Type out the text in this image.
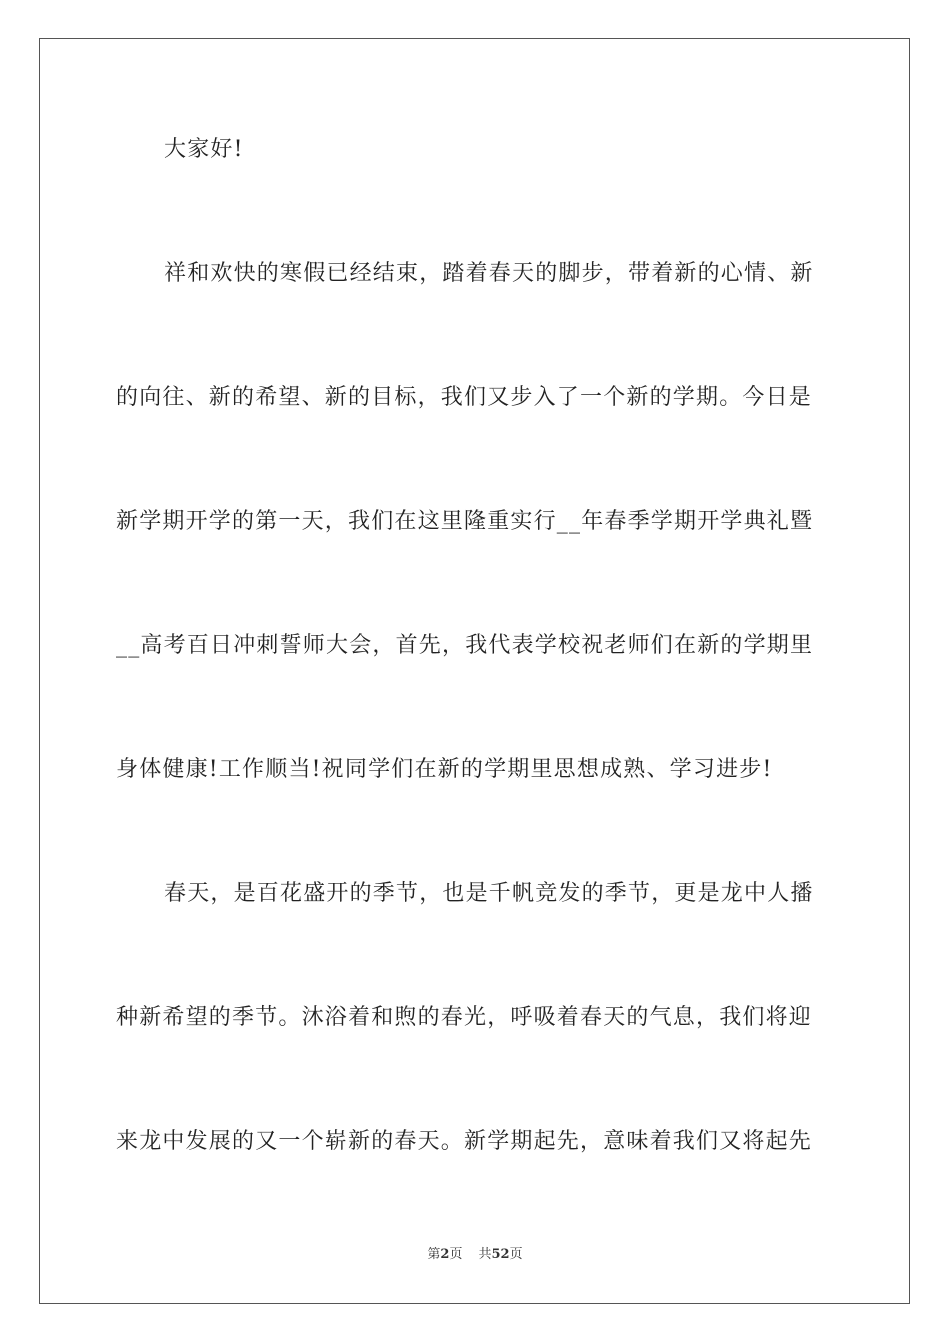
大家好!
祥和欢快的寒假已经结束，踏着春天的脚步，带着新的心情、新
的向往、新的希望、新的目标，我们又步入了一个新的学期。今日是
新学期开学的第一天，我们在这里隆重实行__年春季学期开学典礼暨
__高考百日冲刺誓师大会，首先，我代表学校祝老师们在新的学期里
身体健康!工作顺当!祝同学们在新的学期里思想成熟、学习进步!
春天，是百花盛开的季节，也是千帆竞发的季节，更是龙中人播
种新希望的季节。沐浴着和煦的春光，呼吸着春天的气息，我们将迎
来龙中发展的又一个崭新的春天。新学期起先，意味着我们又将起先
第2页 共52页
